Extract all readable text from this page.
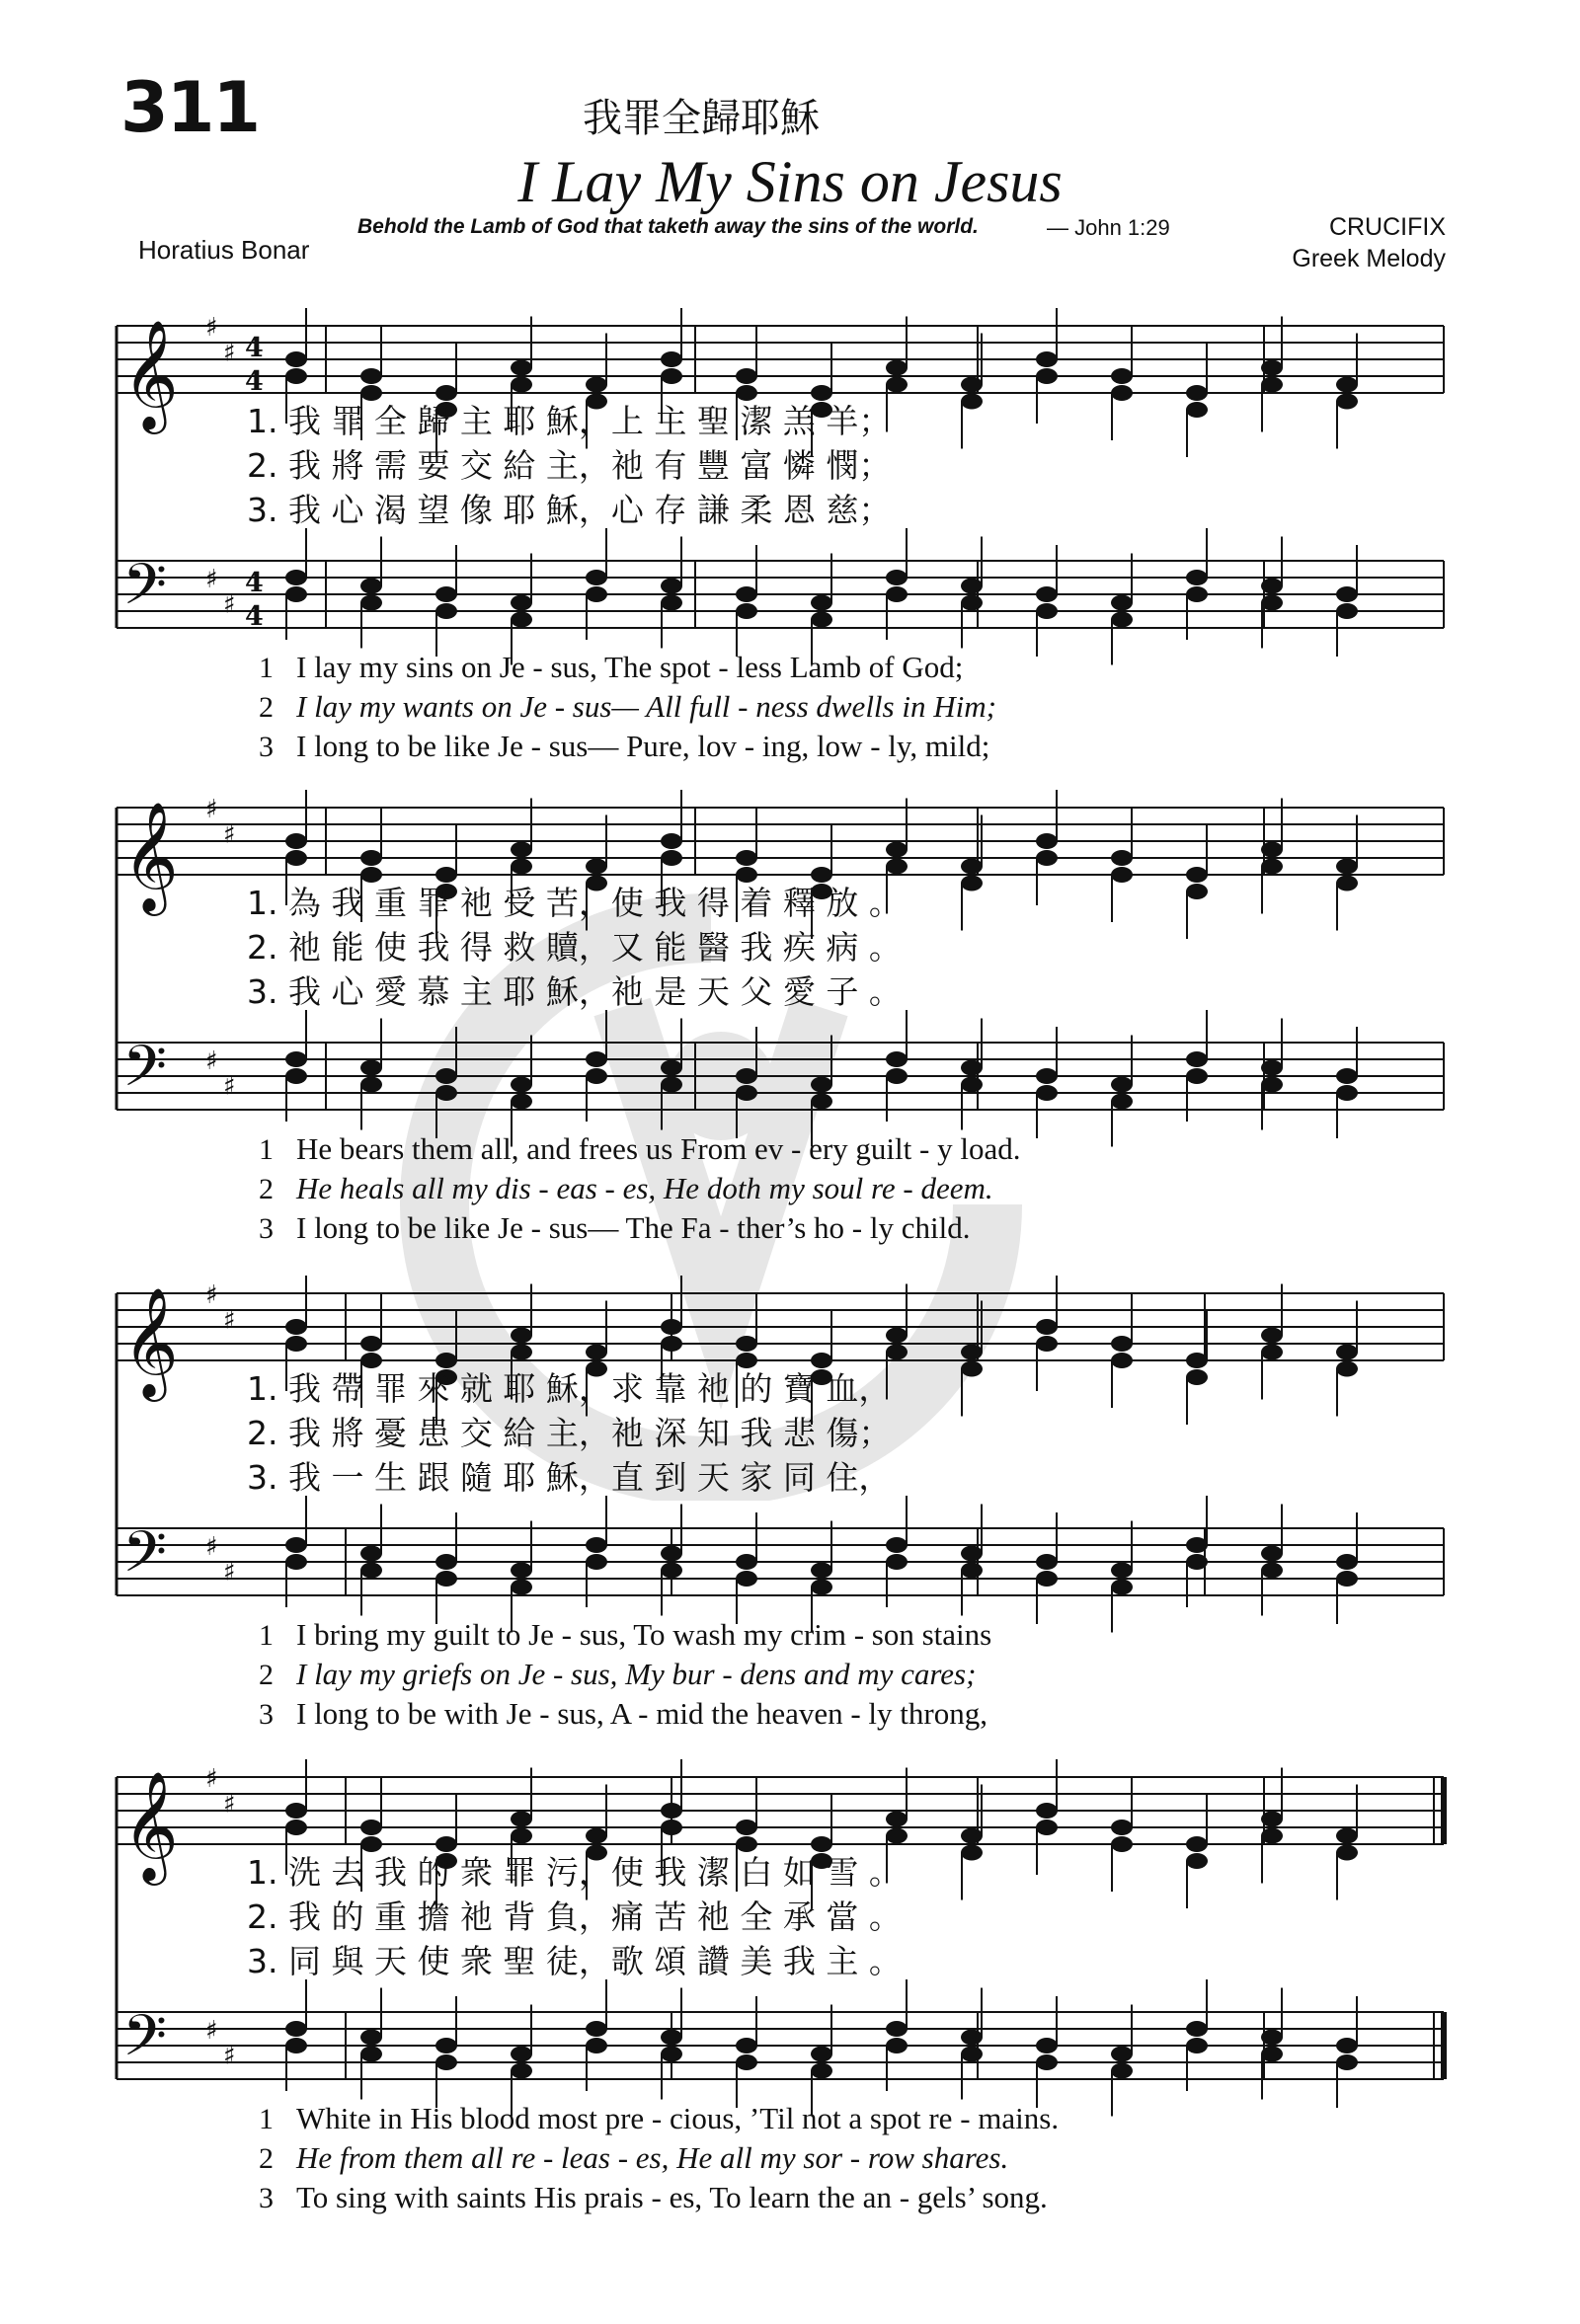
311	我罪全歸耶穌
I Lay My Sins on Jesus
Behold the Lamb of God that taketh away the sins of the world.	— John 1:29
Horatius Bonar
CRUCIFIX
Greek Melody
𝄞 ♯
♯ 4
4
𝄢 ♯
♯
4
4
1. 我 罪 全 歸 主 耶 穌，上 主 聖 潔 羔 羊；
2. 我 將 需 要 交 給 主，祂 有 豐 富 憐 憫；
3. 我 心 渴 望 像 耶 穌，心 存 謙 柔 恩 慈；
1 I lay my sins on Je - sus, The spot - less Lamb of God;
2 I lay my wants on Je - sus— All full - ness dwells in Him;
3 I long to be like Je - sus— Pure, lov - ing, low - ly, mild;
𝄞 ♯
♯
𝄢 ♯
♯
1. 為 我 重 罪 祂 受 苦，使 我 得 着 釋 放 。
2. 祂 能 使 我 得 救 贖，又 能 醫 我 疾 病 。
3. 我 心 愛 慕 主 耶 穌，祂 是 天 父 愛 子 。
1 He bears them all, and frees us From ev - ery guilt - y load.
2 He heals all my dis - eas - es, He doth my soul re - deem.
3 I long to be like Je - sus— The Fa - ther’s ho - ly child.
𝄞 ♯
♯
𝄢 ♯
♯
1. 我 帶 罪 來 就 耶 穌，求 靠 祂 的 寶 血，
2. 我 將 憂 患 交 給 主，祂 深 知 我 悲 傷；
3. 我 一 生 跟 隨 耶 穌，直 到 天 家 同 住，
1 I bring my guilt to Je - sus, To wash my crim - son stains
2 I lay my griefs on Je - sus, My bur - dens and my cares;
3 I long to be with Je - sus, A - mid the heaven - ly throng,
𝄞 ♯
♯
𝄢 ♯
♯
1. 洗 去 我 的 衆 罪 污，使 我 潔 白 如 雪 。
2. 我 的 重 擔 祂 背 負，痛 苦 祂 全 承 當 。
3. 同 與 天 使 衆 聖 徒，歌 頌 讚 美 我 主 。
1 White in His blood most pre - cious, ’Til not a spot re - mains.
2 He from them all re - leas - es, He all my sor - row shares.
3 To sing with saints His prais - es, To learn the an - gels’ song.
